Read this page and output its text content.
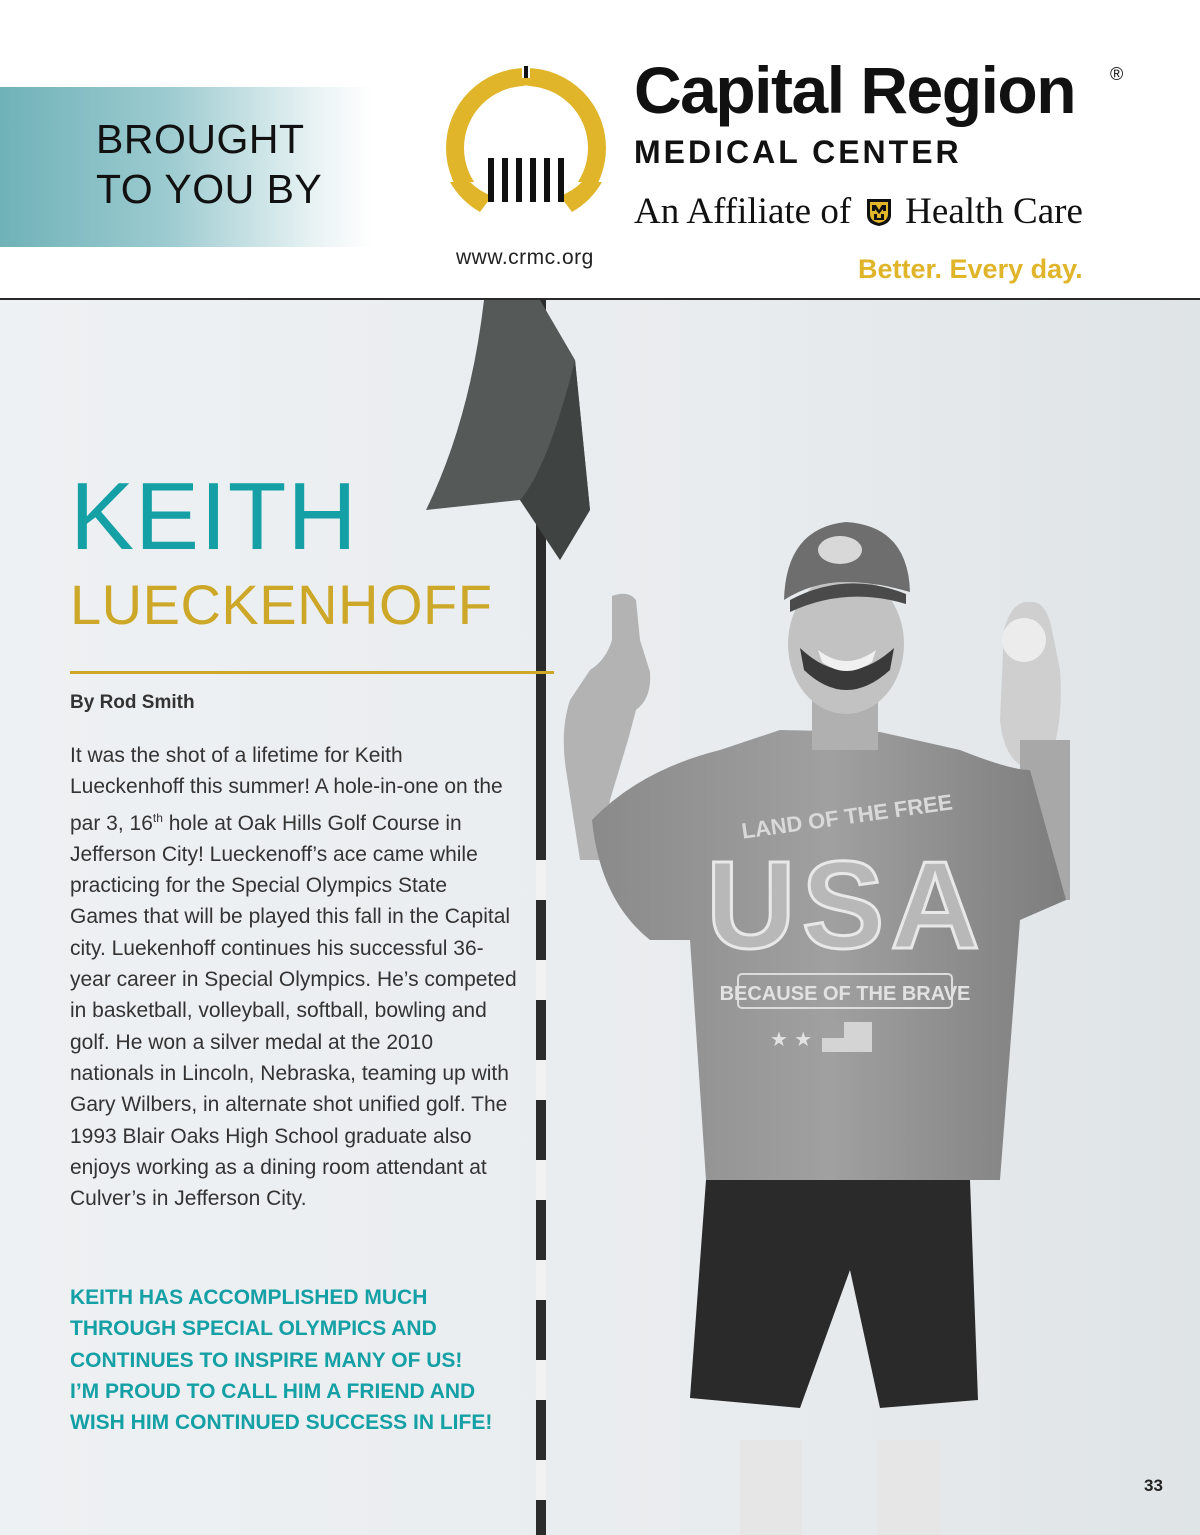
BROUGHT
TO YOU BY
Capital Region ®
MEDICAL CENTER
An Affiliate of Health Care
www.crmc.org	Better. Every day.
LAND OF THE FREE
USA
BECAUSE OF THE BRAVE
★ ★
KEITH
LUECKENHOFF
By Rod Smith

It was the shot of a lifetime for Keith Lueckenhoff this summer! A hole-in-one on the par 3, 16th hole at Oak Hills Golf Course in Jefferson City! Lueckenoff’s ace came while practicing for the Special Olympics State Games that will be played this fall in the Capital city. Luekenhoff continues his successful 36-year career in Special Olympics. He’s competed in basketball, volleyball, softball, bowling and golf. He won a silver medal at the 2010 nationals in Lincoln, Nebraska, teaming up with Gary Wilbers, in alternate shot unified golf. The 1993 Blair Oaks High School graduate also enjoys working as a dining room attendant at Culver’s in Jefferson City.

KEITH HAS ACCOMPLISHED MUCH
THROUGH SPECIAL OLYMPICS AND
CONTINUES TO INSPIRE MANY OF US!
I’M PROUD TO CALL HIM A FRIEND AND
WISH HIM CONTINUED SUCCESS IN LIFE!
33
